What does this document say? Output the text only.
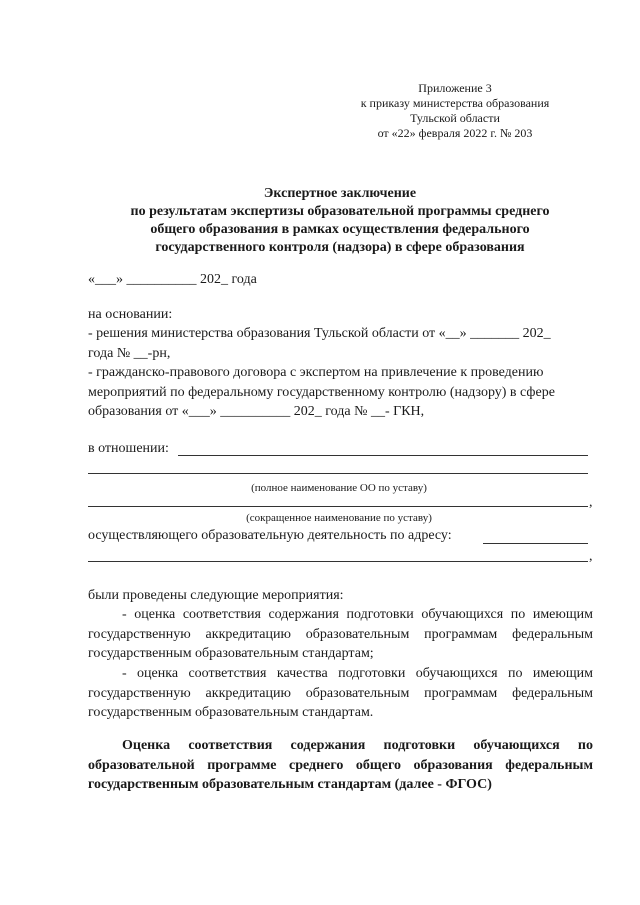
Приложение 3
к приказу министерства образования
Тульской области
от «22» февраля 2022 г. № 203
Экспертное заключение
по результатам экспертизы образовательной программы среднего
общего образования в рамках осуществления федерального
государственного контроля (надзора) в сфере образования
«___» __________ 202_ года
на основании:
- решения министерства образования Тульской области от «__» _______ 202_
года № __-рн,
- гражданско-правового договора с экспертом на привлечение к проведению
мероприятий по федеральному государственному контролю (надзору) в сфере
образования от «___» __________ 202_ года № __- ГКН,
в отношении:
(полное наименование ОО по уставу)
,
(сокращенное наименование по уставу)
осуществляющего образовательную деятельность по адресу:
,
были проведены следующие мероприятия:
- оценка соответствия содержания подготовки обучающихся по имеющим государственную аккредитацию образовательным программам федеральным государственным образовательным стандартам;
- оценка соответствия качества подготовки обучающихся по имеющим государственную аккредитацию образовательным программам федеральным государственным образовательным стандартам.
Оценка соответствия содержания подготовки обучающихся по образовательной программе среднего общего образования федеральным государственным образовательным стандартам (далее - ФГОС)
